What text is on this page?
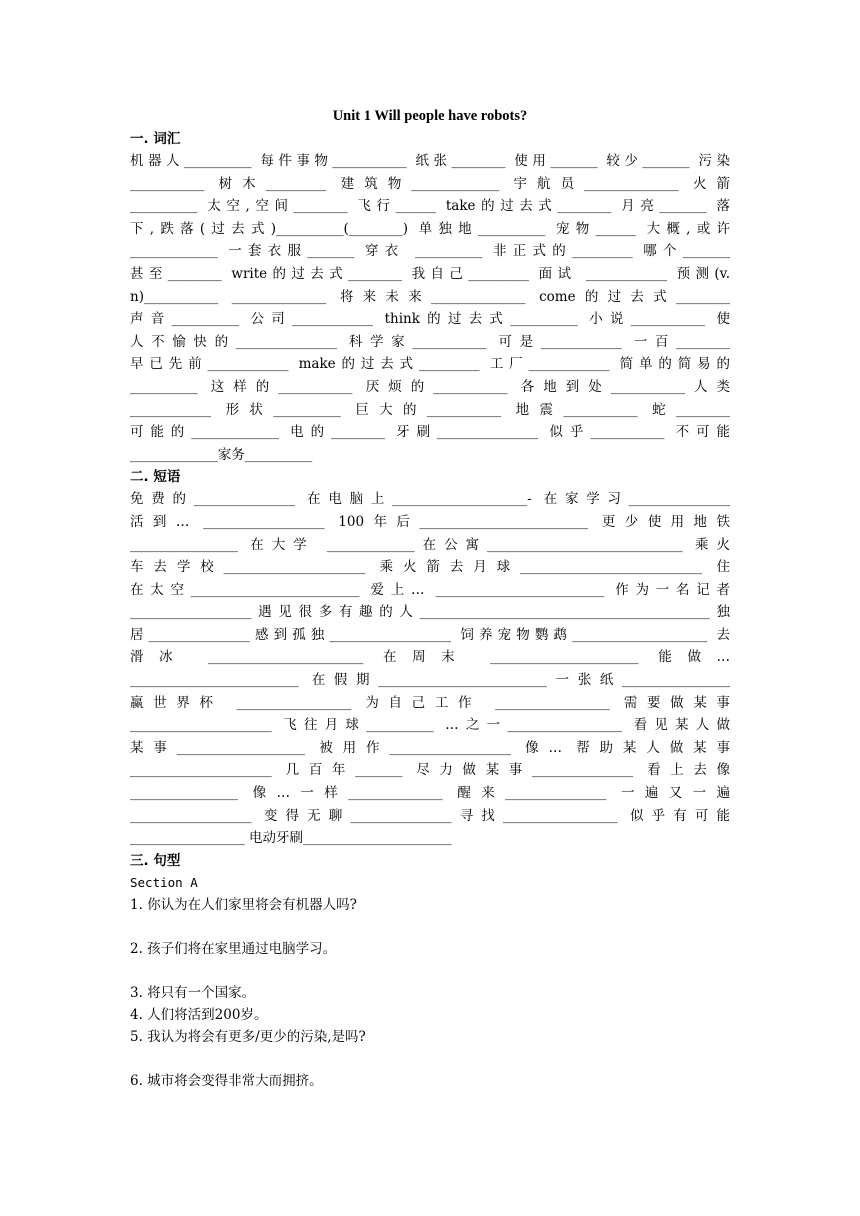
Unit 1 Will people have robots?
一. 词汇
机器人__________ 每件事物___________ 纸张________ 使用_______ 较少_______ 污染
___________ 树木_________ 建筑物_____________ 宇航员______________ 火箭
__________ 太空,空间________ 飞行______ take的过去式________ 月亮_______ 落
下,跌落(过去式)__________(________) 单独地__________ 宠物______ 大概,或许
_____________ 一套衣服_______ 穿衣 __________ 非正式的_________ 哪个_______
甚至________ write的过去式________ 我自己_________ 面试 ____________ 预测(v.
n)___________ ______________ 将来未来______________ come的过去式________
声音__________ 公司____________ think的过去式__________ 小说___________ 使
人不愉快的_______________ 科学家___________ 可是____________ 一百________
早已先前____________ make的过去式_________ 工厂____________ 简单的简易的
__________ 这样的___________ 厌烦的___________ 各地到处___________人类
____________ 形状__________ 巨大的___________ 地震___________ 蛇________
可能的_____________ 电的________ 牙刷_______________ 似乎___________ 不可能
_____________家务__________
二. 短语
免费的_______________ 在电脑上____________________- 在家学习_______________
活到… __________________ 100年后_________________________ 更少使用地铁
________________ 在大学 _____________在公寓_____________________________ 乘火
车去学校_____________________ 乘火箭去月球___________________________ 住
在太空_________________________ 爱上… _________________________ 作为一名记者
__________________遇见很多有趣的人___________________________________________独
居_______________感到孤独__________________ 饲养宠物鹦鹉____________________ 去
滑冰 _______________________ 在周末 ______________________ 能做…
_________________________ 在假期_________________________一张纸________________
赢世界杯 _________________ 为自己工作 _________________ 需要做某事
_____________________ 飞往月球__________ …之一_________________ 看见某人做
某事___________________ 被用作__________________ 像… 帮助某人做某事
_____________________ 几百年_______ 尽力做某事_______________ 看上去像
________________ 像…一样______________ 醒来_______________ 一遍又一遍
__________________ 变得无聊_______________寻找_________________ 似乎有可能
_________________ 电动牙刷______________________
三. 句型
Section A
1. 你认为在人们家里将会有机器人吗?
2. 孩子们将在家里通过电脑学习。
3. 将只有一个国家。
4. 人们将活到200岁。
5. 我认为将会有更多/更少的污染,是吗?
6. 城市将会变得非常大而拥挤。
